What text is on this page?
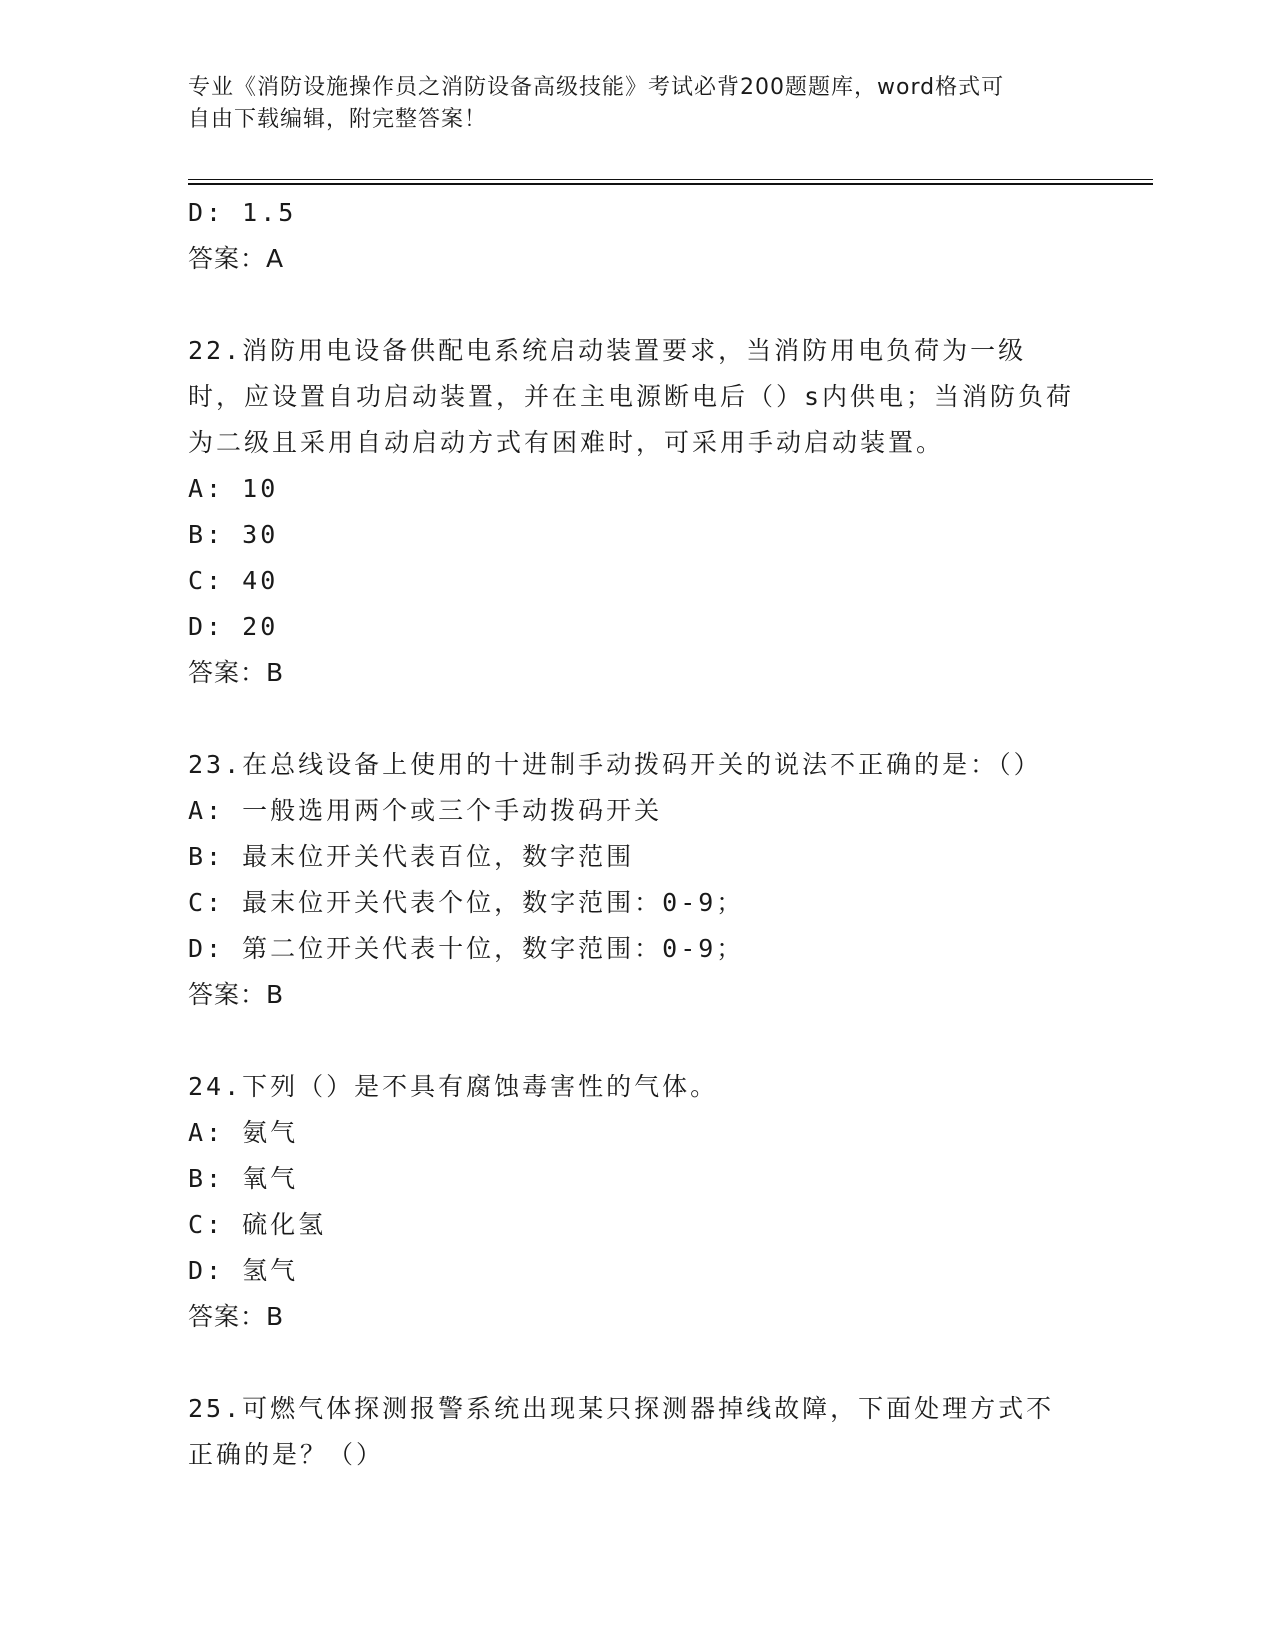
专业《消防设施操作员之消防设备高级技能》考试必背200题题库，word格式可
自由下载编辑，附完整答案！
D: 1.5
答案：A
22.消防用电设备供配电系统启动装置要求，当消防用电负荷为一级时，应设置自功启动装置，并在主电源断电后（）s内供电；当消防负荷为二级且采用自动启动方式有困难时，可采用手动启动装置。
A: 10
B: 30
C: 40
D: 20
答案：B
23.在总线设备上使用的十进制手动拨码开关的说法不正确的是：（）
A: 一般选用两个或三个手动拨码开关
B: 最末位开关代表百位，数字范围
C: 最末位开关代表个位，数字范围：0-9；
D: 第二位开关代表十位，数字范围：0-9；
答案：B
24.下列（）是不具有腐蚀毒害性的气体。
A: 氨气
B: 氧气
C: 硫化氢
D: 氢气
答案：B
25.可燃气体探测报警系统出现某只探测器掉线故障，下面处理方式不正确的是？（）
